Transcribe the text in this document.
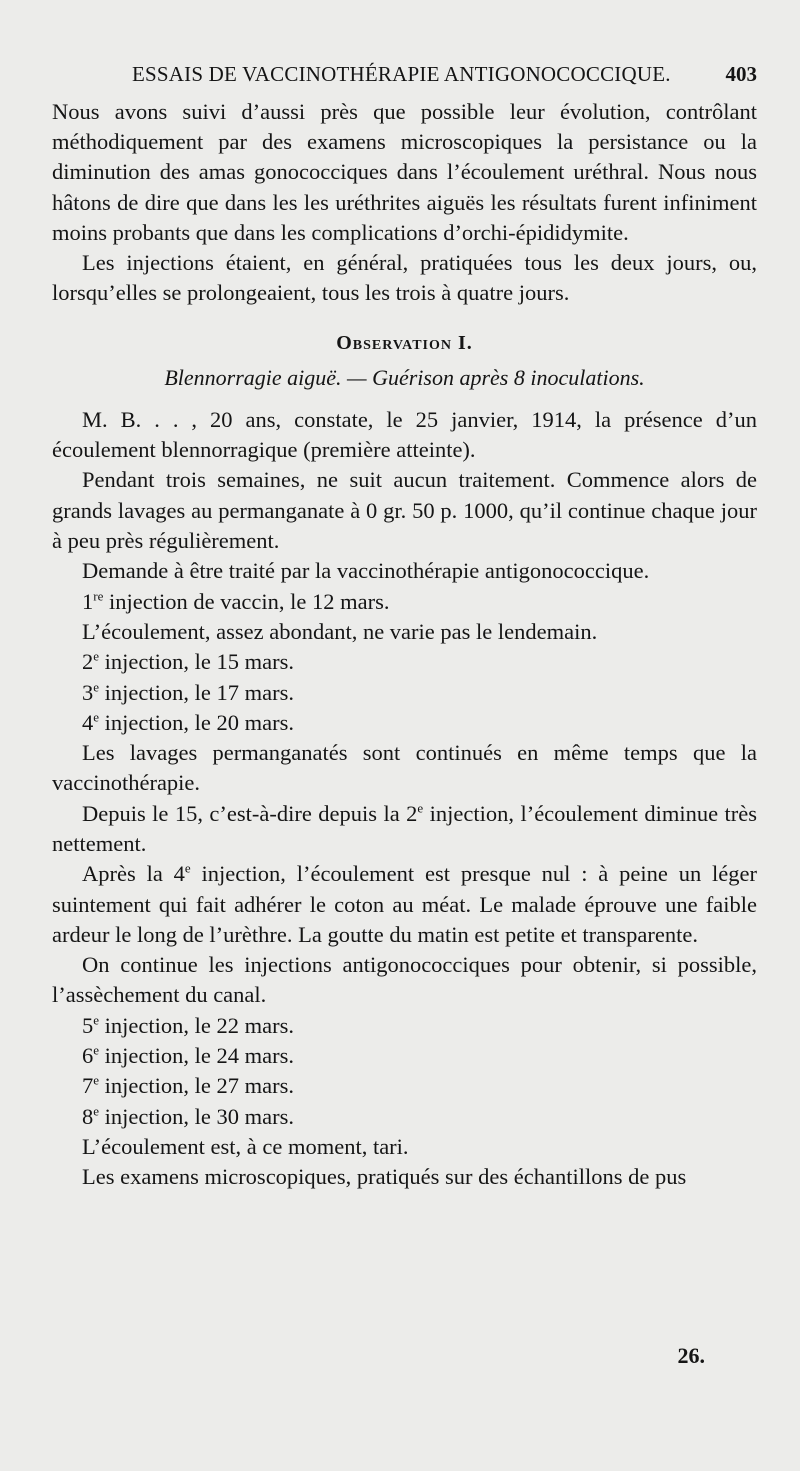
ESSAIS DE VACCINOTHÉRAPIE ANTIGONOCOCCIQUE.	403

Nous avons suivi d’aussi près que possible leur évolution, contrôlant méthodiquement par des examens microscopiques la persistance ou la diminution des amas gonococciques dans l’écoulement uréthral. Nous nous hâtons de dire que dans les les uréthrites aiguës les résultats furent infiniment moins probants que dans les complications d’orchi-épididymite.

Les injections étaient, en général, pratiquées tous les deux jours, ou, lorsqu’elles se prolongeaient, tous les trois à quatre jours.

Observation I.
Blennorragie aiguë. — Guérison après 8 inoculations.

M. B. . . , 20 ans, constate, le 25 janvier, 1914, la présence d’un écoulement blennorragique (première atteinte).

Pendant trois semaines, ne suit aucun traitement. Commence alors de grands lavages au permanganate à 0 gr. 50 p. 1000, qu’il continue chaque jour à peu près régulièrement.

Demande à être traité par la vaccinothérapie antigonococcique.

1re injection de vaccin, le 12 mars.

L’écoulement, assez abondant, ne varie pas le lendemain.

2e injection, le 15 mars.

3e injection, le 17 mars.

4e injection, le 20 mars.

Les lavages permanganatés sont continués en même temps que la vaccinothérapie.

Depuis le 15, c’est-à-dire depuis la 2e injection, l’écoulement diminue très nettement.

Après la 4e injection, l’écoulement est presque nul : à peine un léger suintement qui fait adhérer le coton au méat. Le malade éprouve une faible ardeur le long de l’urèthre. La goutte du matin est petite et transparente.

On continue les injections antigonococciques pour obtenir, si possible, l’assèchement du canal.

5e injection, le 22 mars.

6e injection, le 24 mars.

7e injection, le 27 mars.

8e injection, le 30 mars.

L’écoulement est, à ce moment, tari.

Les examens microscopiques, pratiqués sur des échantillons de pus

26.
